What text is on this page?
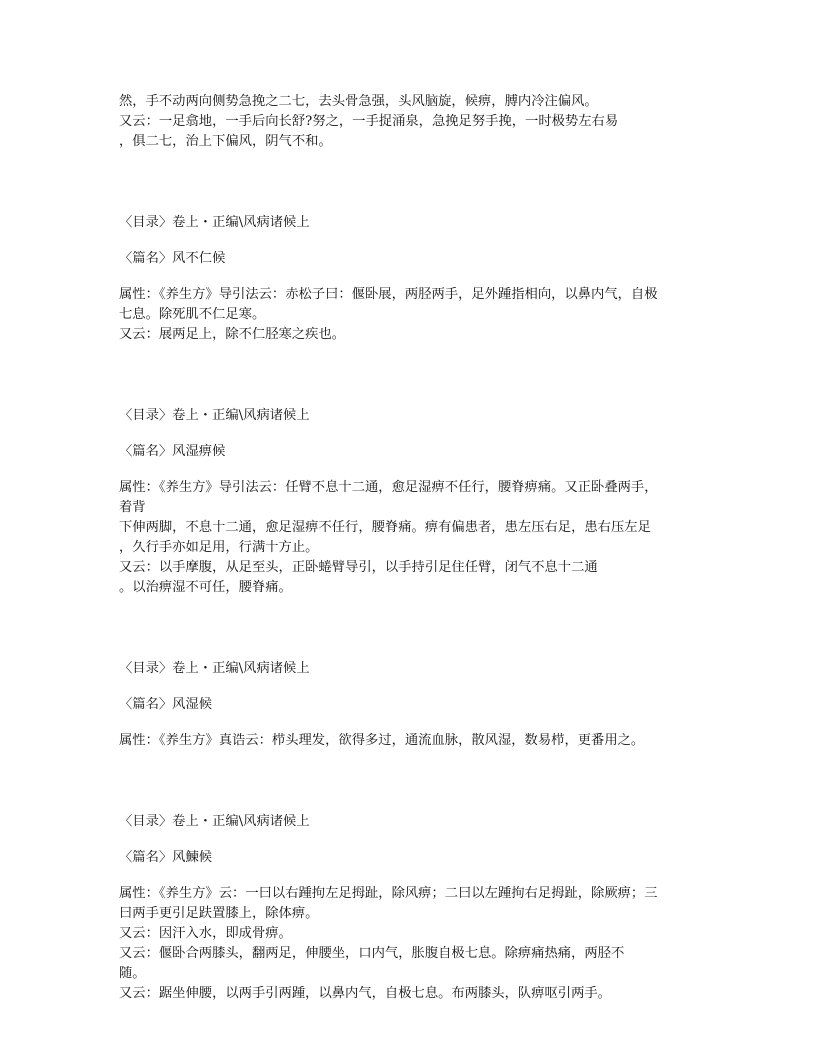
然，手不动两向侧势急挽之二七，去头骨急强，头风脑旋，候痹，膊内冷注偏风。

又云：一足翕地，一手后向长舒?努之，一手捉涌泉，急挽足努手挽，一时极势左右易

，俱二七，治上下偏风，阴气不和。

〈目录〉卷上・正编\风病诸候上

〈篇名〉风不仁候

属性：《养生方》导引法云：赤松子曰：偃卧展，两胫两手，足外踵指相向，以鼻内气，自极

七息。除死肌不仁足寒。

又云：展两足上，除不仁胫寒之疾也。

〈目录〉卷上・正编\风病诸候上

〈篇名〉风湿痹候

属性：《养生方》导引法云：任臂不息十二通，愈足湿痹不任行，腰脊痹痛。又正卧叠两手，

着背

下伸两脚，不息十二通，愈足湿痹不任行，腰脊痛。痹有偏患者，患左压右足，患右压左足

，久行手亦如足用，行满十方止。

又云：以手摩腹，从足至头，正卧蜷臂导引，以手持引足住任臂，闭气不息十二通

。以治痹湿不可任，腰脊痛。

〈目录〉卷上・正编\风病诸候上

〈篇名〉风湿候

属性：《养生方》真诰云：栉头理发，欲得多过，通流血脉，散风湿，数易栉，更番用之。

〈目录〉卷上・正编\风病诸候上

〈篇名〉风鰊候

属性：《养生方》云：一曰以右踵拘左足拇趾，除风痹；二曰以左踵拘右足拇趾，除厥痹；三

曰两手更引足趺置膝上，除体痹。

又云：因汗入水，即成骨痹。

又云：偃卧合两膝头，翻两足，伸腰坐，口内气，胀腹自极七息。除痹痛热痛，两胫不

随。

又云：踞坐伸腰，以两手引两踵，以鼻内气，自极七息。布两膝头，队痹呕引两手。
